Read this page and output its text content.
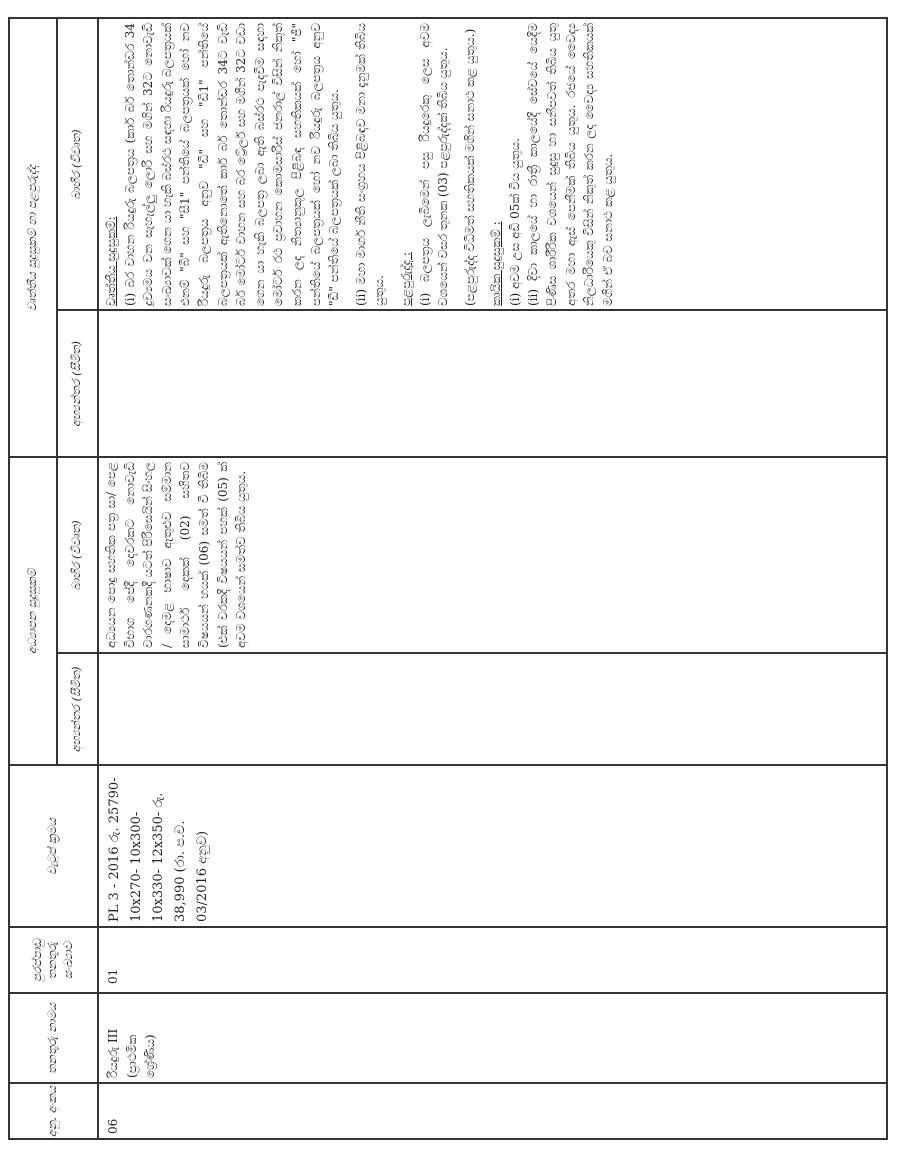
අනු. අංකය
තනතුරු නාමය
පුරප්පාඩු තනතුරු සංඛ්‍යාව
වැටුප් ක්‍රමය
අධ්‍යාපන සුදුසුකම්
අභ්‍යන්තර (සීමිත)
බාහිර (විවෘත)
වෘත්තීය සුදුසුකම් හා පළපුරුද්ද
අභ්‍යන්තර (සීමිත)
බාහිර (විවෘත)
06
රියදුරු III (ප්‍රාථමික ශ්‍රේණිය)
01
PL 3 - 2016 රු. 25790- 10x270- 10x300- 10x330- 12x350- රු. 38,990 (රා. ප.ච. 03/2016 අනුව)
අධ්‍යයන පොදු සහතික පත්‍ර සා/ පෙළ විභාග පේදී දෙවරකට නොවැඩි වාරගණනකදී යටත් පිරිසෙයින් සිංහල / දෙමළ භාෂාව ඇතුළුව සම්මාන සාමාර්ථ දෙකක් (02) සහිතව විෂයයන් හයක් (06) සමත් වී තිබීම (එක් වරකදී විෂයයන් පහක් (05) ක් අවම වශයෙන් සමත්ව තිබිය යුතුය.

වෘත්තීය සුදුසුකම්: (i) බර වාහන රියදුරු බලපත්‍රය (කාර් බර් තොන්ඩර 34 ද්‍රව්‍යමය වන සැහැල්ලු ලොරි සහ මගින් 32ට නොවැඩි සංඛ්‍යාවක් ගෙන යා හැකි බස්රථ සඳහා රියදුරු බලපත්‍රයක් එනම් "බී" සහ "සී1" පන්තියේ බලපත්‍රයක් හෝ නව රියදුරු බලපත්‍රය අනුව "ඩී" සහ "ඩී1" පන්තියේ බලපත්‍රයක් ඇතිනොතේ කාර් බර් තොන්ඩර 34ට වැඩි බර් මෝටර් වාහන සහ බර ට්‍රේලර් සහ මගීන් 32ට වඩා ගෙන යා හැකි බලපත්‍ර ලබා ඇති බස්රථ පැදවීම සඳහා මෝටර් රථ ප්‍රවාහන කොමසාරිස් ජනරාල් විසින් නිකුත් කරන ලද නිත්‍යානුකූල පිළිබඳ සහතිකයක් හෝ "ජී" පන්තියේ බලපත්‍රයක් හෝ නව රියදුරු බලපත්‍රය අනුව "ඩී" පන්තියේ බලපත්‍රයක් ලබා තිබිය යුතුය. (ii) මහා මාර්ග නීති සංග්‍රහය පිළිබඳව මනා දැනුමක් තිබිය යුතුය. පළපුරුද්ද : (i) බලපත්‍රය ලැබීමෙන් පසු රියදුරෙකු ලෙස අවම වශයෙන් වසර තුනක (03) පළපුරුද්දක් තිබිය යුතුය. (පළපුරුද්ද විධිමත් සහතිකයක් මගින් සනාථ කළ යුතුය.) කායික සුදුසුකම් : (i) අවම උස අඩි 05ක් විය යුතුය. (ii) දිවා කාලයේ හා රාත්‍රී කාලයේදී සේවයේ යෙදීම පිණිස ශාරීරික වශයෙන් සුදුසු හා සනීපවත් තිබිය යුතු අතර මහා ඇස් පෙනීමක් තිබිය යුතුය. රජයේ වෛද්‍ය නිලධාරියෙකු විසින් නිකුත් කරන ලද වෛද්‍ය සහතිකයක් මගින් ඒ බව සනාථ කළ යුතුය.
